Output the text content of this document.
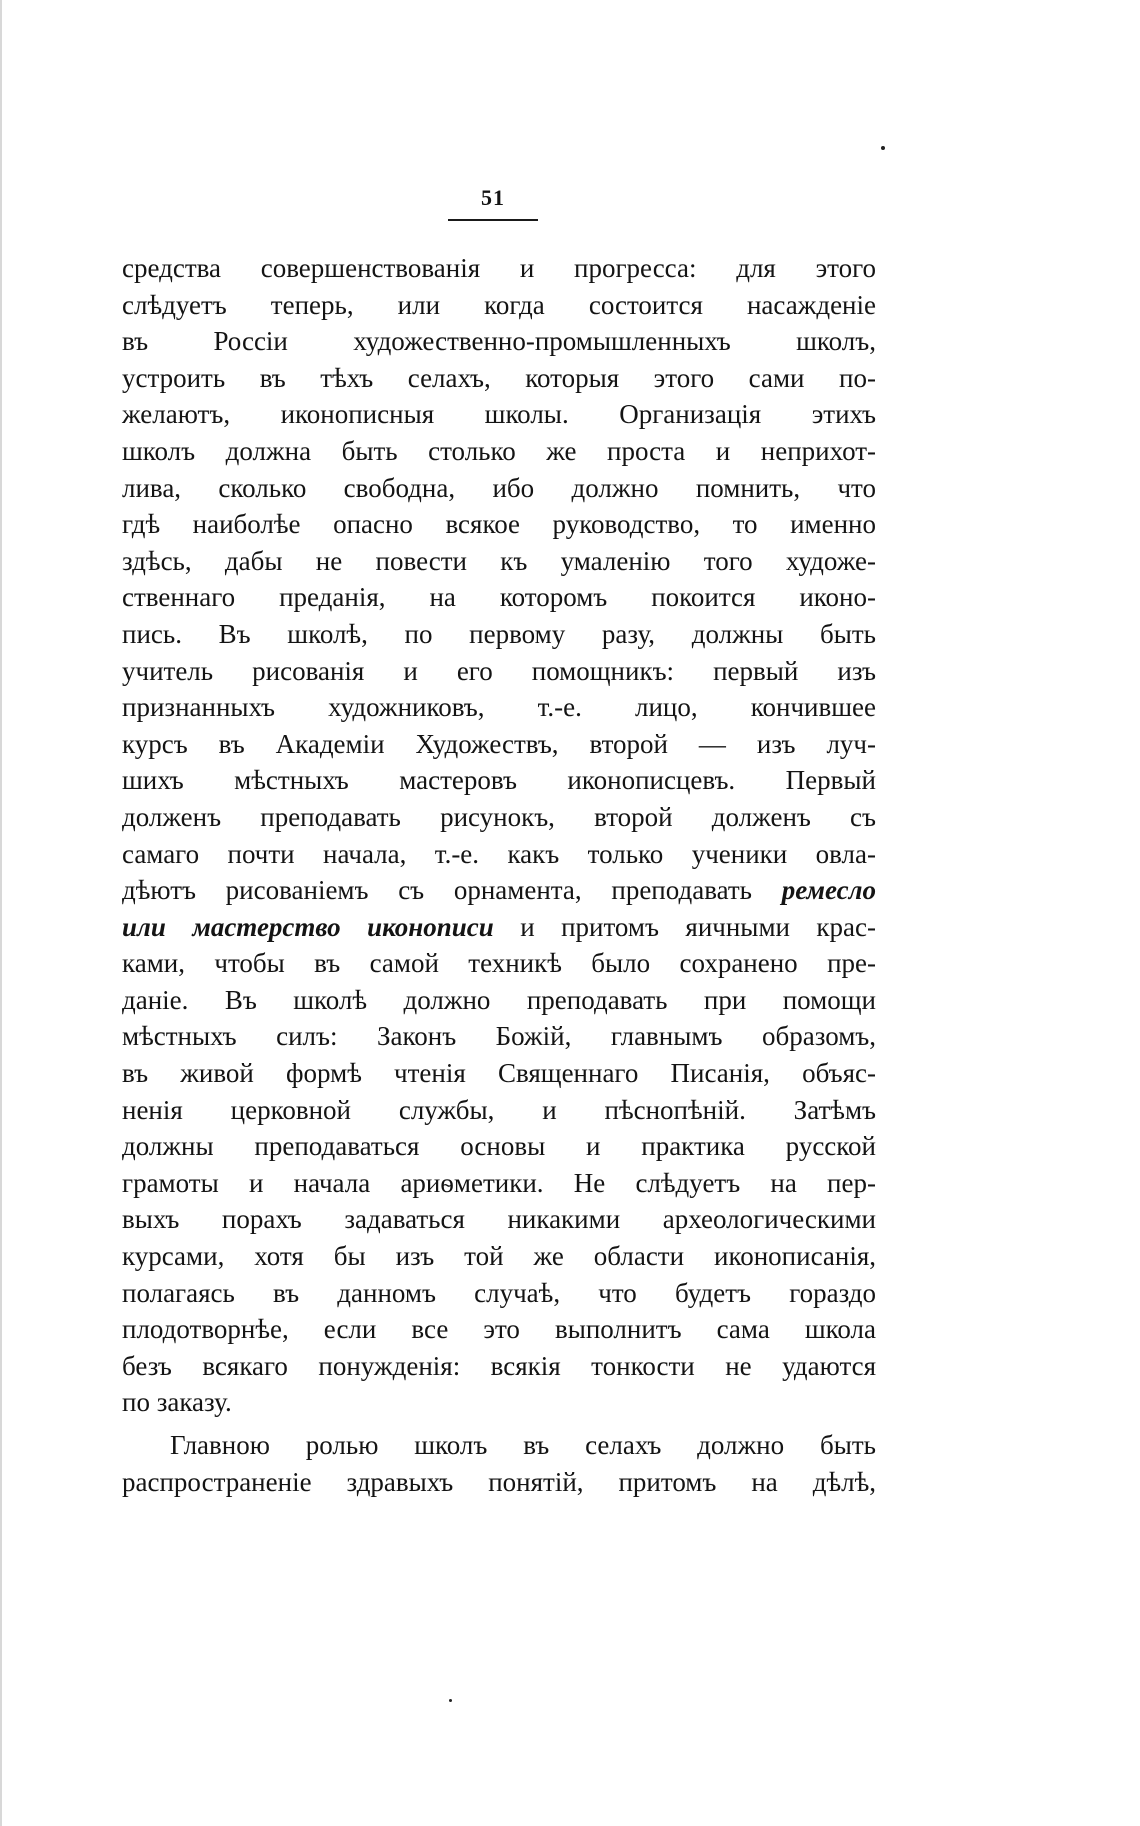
51
средства совершенствованія и прогресса: для этого
слѣдуетъ теперь, или когда состоится насажденіе
въ Россіи художественно-промышленныхъ школъ,
устроить въ тѣхъ селахъ, которыя этого сами по-
желаютъ, иконописныя школы. Организація этихъ
школъ должна быть столько же проста и неприхот-
лива, сколько свободна, ибо должно помнить, что
гдѣ наиболѣе опасно всякое руководство, то именно
здѣсь, дабы не повести къ умаленію того художе-
ственнаго преданія, на которомъ покоится иконо-
пись. Въ школѣ, по первому разу, должны быть
учитель рисованія и его помощникъ: первый изъ
признанныхъ художниковъ, т.-е. лицо, кончившее
курсъ въ Академіи Художествъ, второй — изъ луч-
шихъ мѣстныхъ мастеровъ иконописцевъ. Первый
долженъ преподавать рисунокъ, второй долженъ съ
самаго почти начала, т.-е. какъ только ученики овла-
дѣютъ рисованіемъ съ орнамента, преподавать ремесло
или мастерство иконописи и притомъ яичными крас-
ками, чтобы въ самой техникѣ было сохранено пре-
даніе. Въ школѣ должно преподавать при помощи
мѣстныхъ силъ: Законъ Божій, главнымъ образомъ,
въ живой формѣ чтенія Священнаго Писанія, объяс-
ненія церковной службы, и пѣснопѣній. Затѣмъ
должны преподаваться основы и практика русской
грамоты и начала ариѳметики. Не слѣдуетъ на пер-
выхъ порахъ задаваться никакими археологическими
курсами, хотя бы изъ той же области иконописанія,
полагаясь въ данномъ случаѣ, что будетъ гораздо
плодотворнѣе, если все это выполнитъ сама школа
безъ всякаго понужденія: всякія тонкости не удаются
по заказу.
Главною ролью школъ въ селахъ должно быть
распространеніе здравыхъ понятій, притомъ на дѣлѣ,
